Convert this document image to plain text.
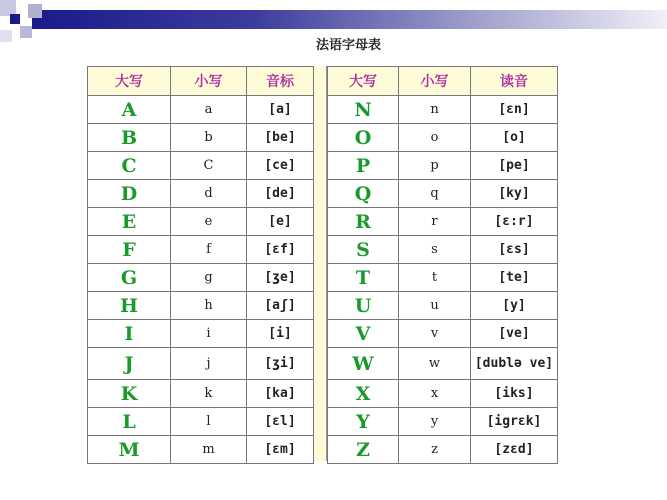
法语字母表
大写	小写	音标
A	a	[a]
B	b	[be]
C	C	[ce]
D	d	[de]
E	e	[e]
F	f	[ɛf]
G	g	[ʒe]
H	h	[aʃ]
I	i	[i]
J	j	[ʒi]
K	k	[ka]
L	l	[ɛl]
M	m	[ɛm]
大写	小写	读音
N	n	[ɛn]
O	o	[o]
P	p	[pe]
Q	q	[ky]
R	r	[ɛ:r]
S	s	[ɛs]
T	t	[te]
U	u	[y]
V	v	[ve]
W	w	[dublə ve]
X	x	[iks]
Y	y	[igrɛk]
Z	z	[zɛd]
